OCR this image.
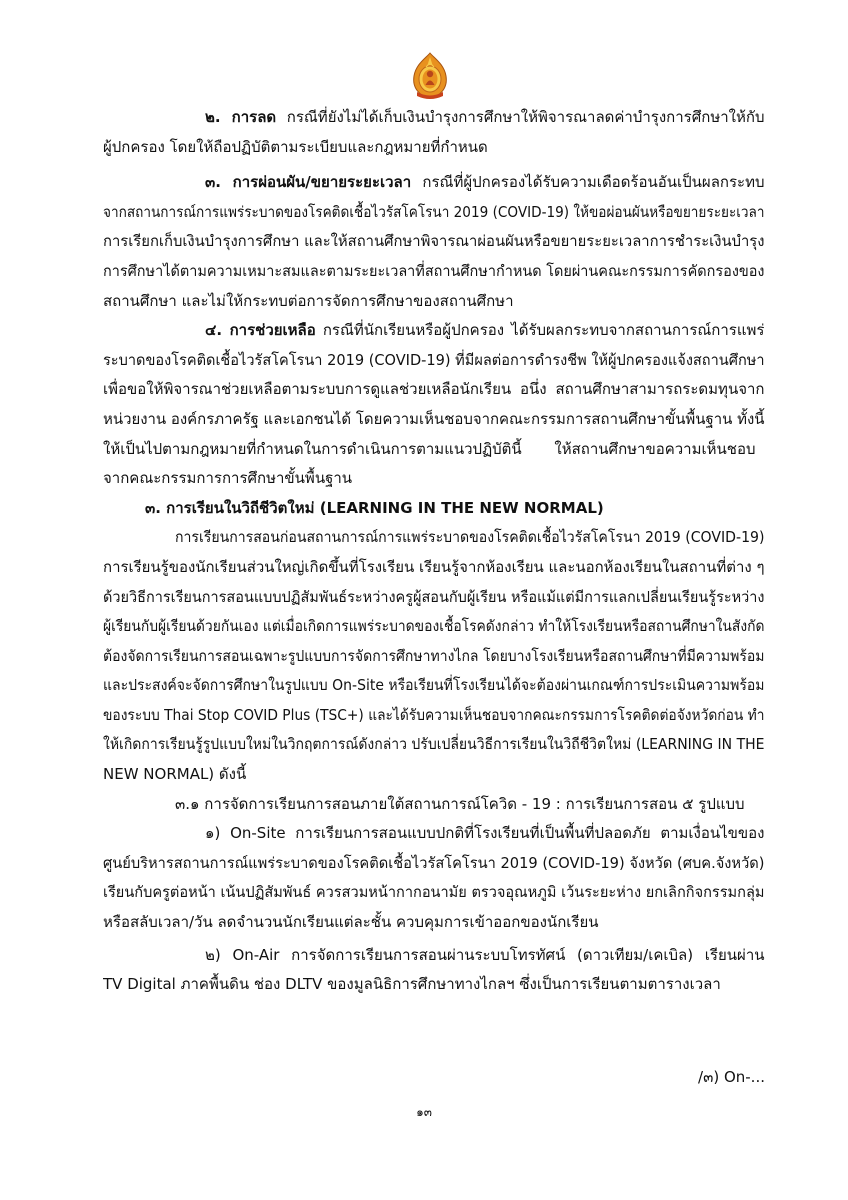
๒. การลด กรณีที่ยังไม่ได้เก็บเงินบำรุงการศึกษาให้พิจารณาลดค่าบำรุงการศึกษาให้กับ
ผู้ปกครอง โดยให้ถือปฏิบัติตามระเบียบและกฎหมายที่กำหนด
๓. การผ่อนผัน/ขยายระยะเวลา กรณีที่ผู้ปกครองได้รับความเดือดร้อนอันเป็นผลกระทบ
จากสถานการณ์การแพร่ระบาดของโรคติดเชื้อไวรัสโคโรนา 2019 (COVID-19) ให้ขอผ่อนผันหรือขยายระยะเวลา
การเรียกเก็บเงินบำรุงการศึกษา และให้สถานศึกษาพิจารณาผ่อนผันหรือขยายระยะเวลาการชำระเงินบำรุง
การศึกษาได้ตามความเหมาะสมและตามระยะเวลาที่สถานศึกษากำหนด โดยผ่านคณะกรรมการคัดกรองของ
สถานศึกษา และไม่ให้กระทบต่อการจัดการศึกษาของสถานศึกษา
๔. การช่วยเหลือ กรณีที่นักเรียนหรือผู้ปกครอง ได้รับผลกระทบจากสถานการณ์การแพร่
ระบาดของโรคติดเชื้อไวรัสโคโรนา 2019 (COVID-19) ที่มีผลต่อการดำรงชีพ ให้ผู้ปกครองแจ้งสถานศึกษา
เพื่อขอให้พิจารณาช่วยเหลือตามระบบการดูแลช่วยเหลือนักเรียน อนึ่ง สถานศึกษาสามารถระดมทุนจาก
หน่วยงาน องค์กรภาครัฐ และเอกชนได้ โดยความเห็นชอบจากคณะกรรมการสถานศึกษาขั้นพื้นฐาน ทั้งนี้
ให้เป็นไปตามกฎหมายที่กำหนดในการดำเนินการตามแนวปฏิบัตินี้ ให้สถานศึกษาขอความเห็นชอบ
จากคณะกรรมการการศึกษาขั้นพื้นฐาน
๓. การเรียนในวิถีชีวิตใหม่ (LEARNING IN THE NEW NORMAL)
การเรียนการสอนก่อนสถานการณ์การแพร่ระบาดของโรคติดเชื้อไวรัสโคโรนา 2019 (COVID-19)
การเรียนรู้ของนักเรียนส่วนใหญ่เกิดขึ้นที่โรงเรียน เรียนรู้จากห้องเรียน และนอกห้องเรียนในสถานที่ต่าง ๆ
ด้วยวิธีการเรียนการสอนแบบปฏิสัมพันธ์ระหว่างครูผู้สอนกับผู้เรียน หรือแม้แต่มีการแลกเปลี่ยนเรียนรู้ระหว่าง
ผู้เรียนกับผู้เรียนด้วยกันเอง แต่เมื่อเกิดการแพร่ระบาดของเชื้อโรคดังกล่าว ทำให้โรงเรียนหรือสถานศึกษาในสังกัด
ต้องจัดการเรียนการสอนเฉพาะรูปแบบการจัดการศึกษาทางไกล โดยบางโรงเรียนหรือสถานศึกษาที่มีความพร้อม
และประสงค์จะจัดการศึกษาในรูปแบบ On-Site หรือเรียนที่โรงเรียนได้จะต้องผ่านเกณฑ์การประเมินความพร้อม
ของระบบ Thai Stop COVID Plus (TSC+) และได้รับความเห็นชอบจากคณะกรรมการโรคติดต่อจังหวัดก่อน ทำ
ให้เกิดการเรียนรู้รูปแบบใหม่ในวิกฤตการณ์ดังกล่าว ปรับเปลี่ยนวิธีการเรียนในวิถีชีวิตใหม่ (LEARNING IN THE
NEW NORMAL) ดังนี้
๓.๑ การจัดการเรียนการสอนภายใต้สถานการณ์โควิด - 19 : การเรียนการสอน ๕ รูปแบบ
๑) On-Site การเรียนการสอนแบบปกติที่โรงเรียนที่เป็นพื้นที่ปลอดภัย ตามเงื่อนไขของ
ศูนย์บริหารสถานการณ์แพร่ระบาดของโรคติดเชื้อไวรัสโคโรนา 2019 (COVID-19) จังหวัด (ศบค.จังหวัด)
เรียนกับครูต่อหน้า เน้นปฏิสัมพันธ์ ควรสวมหน้ากากอนามัย ตรวจอุณหภูมิ เว้นระยะห่าง ยกเลิกกิจกรรมกลุ่ม
หรือสลับเวลา/วัน ลดจำนวนนักเรียนแต่ละชั้น ควบคุมการเข้าออกของนักเรียน
๒) On-Air การจัดการเรียนการสอนผ่านระบบโทรทัศน์ (ดาวเทียม/เคเบิล) เรียนผ่าน
TV Digital ภาคพื้นดิน ช่อง DLTV ของมูลนิธิการศึกษาทางไกลฯ ซึ่งเป็นการเรียนตามตารางเวลา
/๓) On-...
๑๓
